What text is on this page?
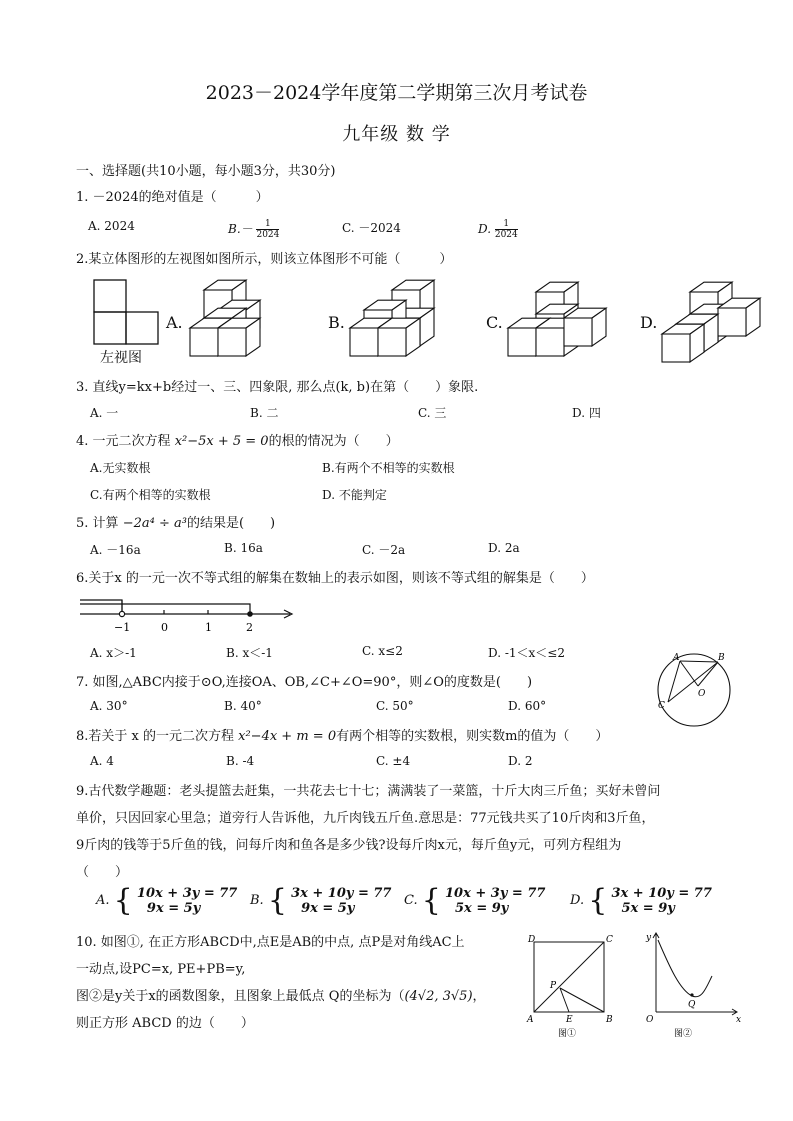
2023－2024学年度第二学期第三次月考试卷
九年级 数 学
一、选择题(共10小题，每小题3分，共30分)
1. －2024的绝对值是（　　　）
A. 2024	$B.- \frac{1}{2024}$	C. －2024	D. $\frac{1}{2024}$
2.某立体图形的左视图如图所示，则该立体图形不可能（　　　）
左视图
A.	B.	C.	D.
3. 直线y=kx+b经过一、三、四象限, 那么点(k, b)在第（　　）象限.
A. 一	B. 二	C. 三	D. 四
4. 一元二次方程 x²−5x + 5 = 0的根的情况为（　　）
A.无实数根	B.有两个不相等的实数根
C.有两个相等的实数根	D. 不能判定
5. 计算 −2a⁴ ÷ a³的结果是(　　)
A. －16a	B. 16a	C. －2a	D. 2a
6.关于x 的一元一次不等式组的解集在数轴上的表示如图，则该不等式组的解集是（　　）
−1	0	1	2
A. x＞-1	B. x＜-1	C. x≤2	D. -1＜x＜≤2
7. 如图,△ABC内接于⊙O,连接OA、OB,∠C+∠O=90°，则∠O的度数是(　　)
A. 30°	B. 40°	C. 50°	D. 60°
A	B
C
O
8.若关于 x 的一元二次方程 x²−4x + m = 0有两个相等的实数根，则实数m的值为（　　）
A. 4	B. -4	C. ±4	D. 2
9.古代数学趣题：老头提篮去赶集，一共花去七十七；满满装了一菜篮，十斤大肉三斤鱼；买好未曾问
单价，只因回家心里急；道旁行人告诉他，九斤肉钱五斤鱼.意思是：77元钱共买了10斤肉和3斤鱼，
9斤肉的钱等于5斤鱼的钱，问每斤肉和鱼各是多少钱?设每斤肉x元，每斤鱼y元，可列方程组为
（　　）
A. { 10x + 3y = 77
9x = 5y	B. { 3x + 10y = 77
9x = 5y	C. { 10x + 3y = 77
5x = 9y	D. { 3x + 10y = 77
5x = 9y
10. 如图①, 在正方形ABCD中,点E是AB的中点, 点P是对角线AC上
一动点,设PC=x, PE+PB=y,
图②是y关于x的函数图象，且图象上最低点 Q的坐标为（(4√2, 3√5)，
则正方形 ABCD 的边（　　）
D	C
A	B
E
P
图①
y
x
O
Q
图②
